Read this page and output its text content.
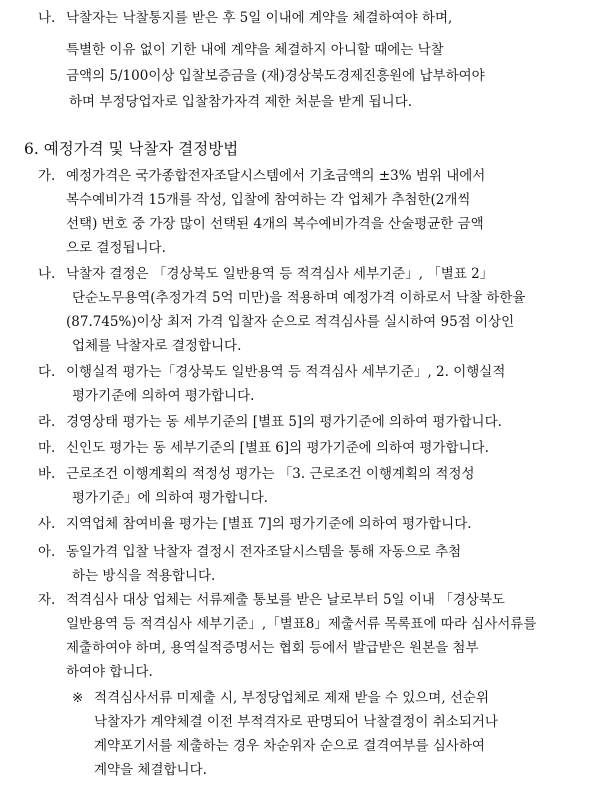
나. 낙찰자는 낙찰통지를 받은 후 5일 이내에 계약을 체결하여야 하며,
특별한 이유 없이 기한 내에 계약을 체결하지 아니할 때에는 낙찰
금액의 5/100이상 입찰보증금을 (재)경상북도경제진흥원에 납부하여야
하며 부정당업자로 입찰참가자격 제한 처분을 받게 됩니다.
6. 예정가격 및 낙찰자 결정방법
가. 예정가격은 국가종합전자조달시스템에서 기초금액의 ±3% 범위 내에서
복수예비가격 15개를 작성, 입찰에 참여하는 각 업체가 추첨한(2개씩
선택) 번호 중 가장 많이 선택된 4개의 복수예비가격을 산술평균한 금액
으로 결정됩니다.
나. 낙찰자 결정은 「경상북도 일반용역 등 적격심사 세부기준」, 「별표 2」
단순노무용역(추정가격 5억 미만)을 적용하며 예정가격 이하로서 낙찰 하한율
(87.745%)이상 최저 가격 입찰자 순으로 적격심사를 실시하여 95점 이상인
업체를 낙찰자로 결정합니다.
다. 이행실적 평가는「경상북도 일반용역 등 적격심사 세부기준」, 2. 이행실적
평가기준에 의하여 평가합니다.
라. 경영상태 평가는 동 세부기준의 [별표 5]의 평가기준에 의하여 평가합니다.
마. 신인도 평가는 동 세부기준의 [별표 6]의 평가기준에 의하여 평가합니다.
바. 근로조건 이행계획의 적정성 평가는 「3. 근로조건 이행계획의 적정성
평가기준」에 의하여 평가합니다.
사. 지역업체 참여비율 평가는 [별표 7]의 평가기준에 의하여 평가합니다.
아. 동일가격 입찰 낙찰자 결정시 전자조달시스템을 통해 자동으로 추첨
하는 방식을 적용합니다.
자. 적격심사 대상 업체는 서류제출 통보를 받은 날로부터 5일 이내 「경상북도
일반용역 등 적격심사 세부기준」,「별표8」제출서류 목록표에 따라 심사서류를
제출하여야 하며, 용역실적증명서는 협회 등에서 발급받은 원본을 첨부
하여야 합니다.
※ 적격심사서류 미제출 시, 부정당업체로 제재 받을 수 있으며, 선순위
낙찰자가 계약체결 이전 부적격자로 판명되어 낙찰결정이 취소되거나
계약포기서를 제출하는 경우 차순위자 순으로 결격여부를 심사하여
계약을 체결합니다.
